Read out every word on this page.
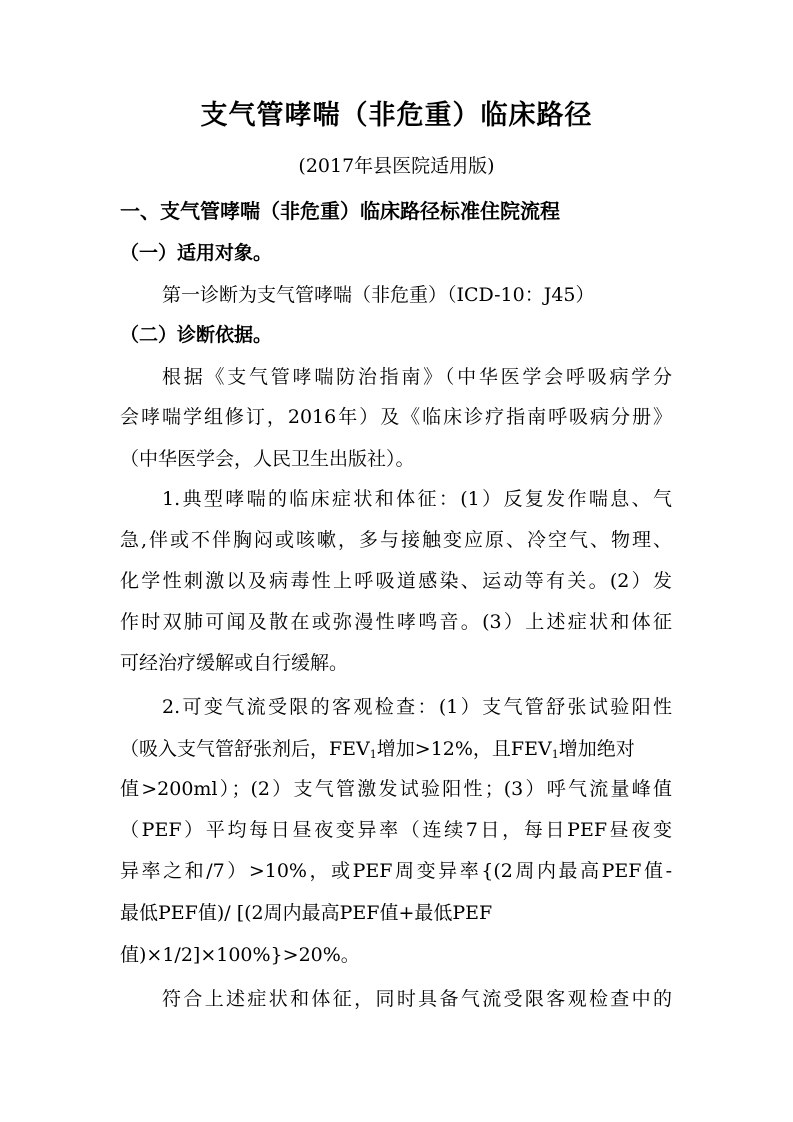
支气管哮喘（非危重）临床路径
(2017年县医院适用版)
一、支气管哮喘（非危重）临床路径标准住院流程
（一）适用对象。
第一诊断为支气管哮喘（非危重）（ICD-10：J45）
（二）诊断依据。
根据《支气管哮喘防治指南》（中华医学会呼吸病学分
会哮喘学组修订，2016年）及《临床诊疗指南呼吸病分册》
（中华医学会，人民卫生出版社）。
1.典型哮喘的临床症状和体征：(1）反复发作喘息、气
急,伴或不伴胸闷或咳嗽，多与接触变应原、冷空气、物理、
化学性刺激以及病毒性上呼吸道感染、运动等有关。(2）发
作时双肺可闻及散在或弥漫性哮鸣音。(3）上述症状和体征
可经治疗缓解或自行缓解。
2.可变气流受限的客观检查：(1）支气管舒张试验阳性
（吸入支气管舒张剂后，$FEV_1$增加>12%，且$FEV_1$增加绝对
值>200ml）；(2）支气管激发试验阳性；(3）呼气流量峰值
（PEF）平均每日昼夜变异率（连续7日，每日PEF昼夜变
异率之和/7）>10%，或PEF周变异率{(2周内最高PEF值-
最低PEF值)/ [(2周内最高PEF值+最低PEF
值)×1/2]×100%}>20%。
符合上述症状和体征，同时具备气流受限客观检查中的
